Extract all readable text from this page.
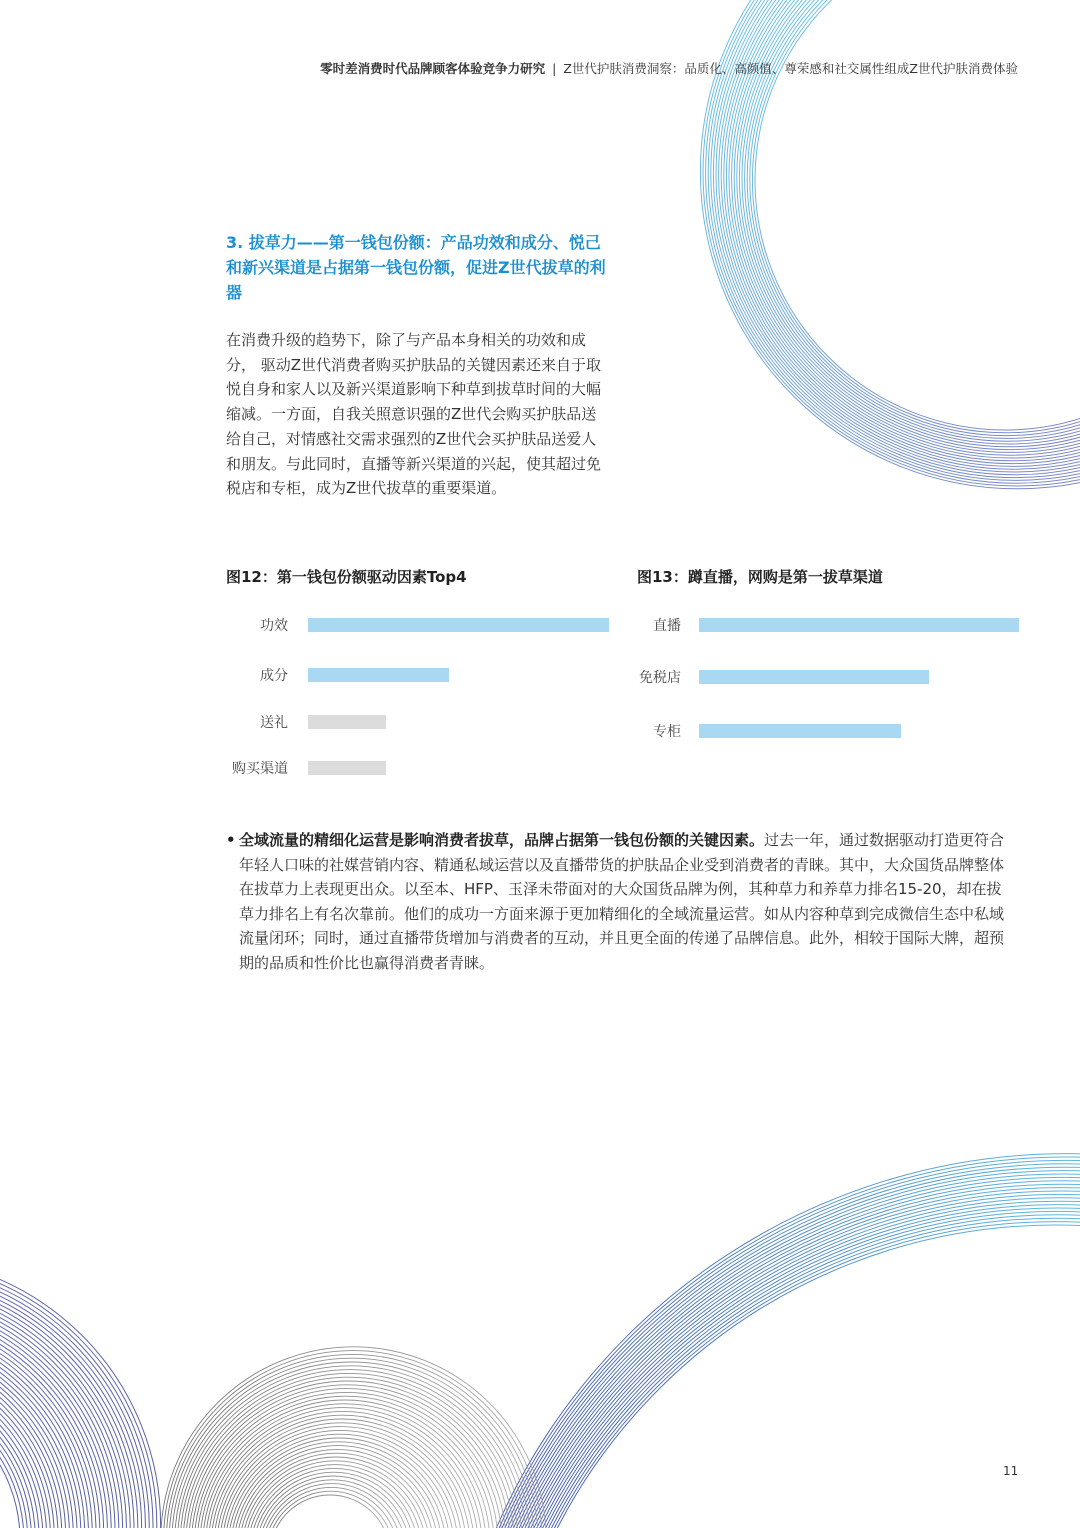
零时差消费时代品牌顾客体验竞争力研究 | Z世代护肤消费洞察：品质化、高颜值、尊荣感和社交属性组成Z世代护肤消费体验
3. 拔草力——第一钱包份额：产品功效和成分、悦己和新兴渠道是占据第一钱包份额，促进Z世代拔草的利器

在消费升级的趋势下，除了与产品本身相关的功效和成分， 驱动Z世代消费者购买护肤品的关键因素还来自于取悦自身和家人以及新兴渠道影响下种草到拔草时间的大幅缩减。一方面，自我关照意识强的Z世代会购买护肤品送给自己，对情感社交需求强烈的Z世代会买护肤品送爱人和朋友。与此同时，直播等新兴渠道的兴起，使其超过免税店和专柜，成为Z世代拔草的重要渠道。

图12：第一钱包份额驱动因素Top4	图13：蹲直播，网购是第一拔草渠道
功效
成分
送礼
购买渠道
直播
免税店
专柜
• 全域流量的精细化运营是影响消费者拔草，品牌占据第一钱包份额的关键因素。过去一年，通过数据驱动打造更符合年轻人口味的社媒营销内容、精通私域运营以及直播带货的护肤品企业受到消费者的青睐。其中，大众国货品牌整体在拔草力上表现更出众。以至本、HFP、玉泽未带面对的大众国货品牌为例，其种草力和养草力排名15-20，却在拔草力排名上有名次靠前。他们的成功一方面来源于更加精细化的全域流量运营。如从内容种草到完成微信生态中私域流量闭环；同时，通过直播带货增加与消费者的互动，并且更全面的传递了品牌信息。此外，相较于国际大牌，超预期的品质和性价比也赢得消费者青睐。
11
